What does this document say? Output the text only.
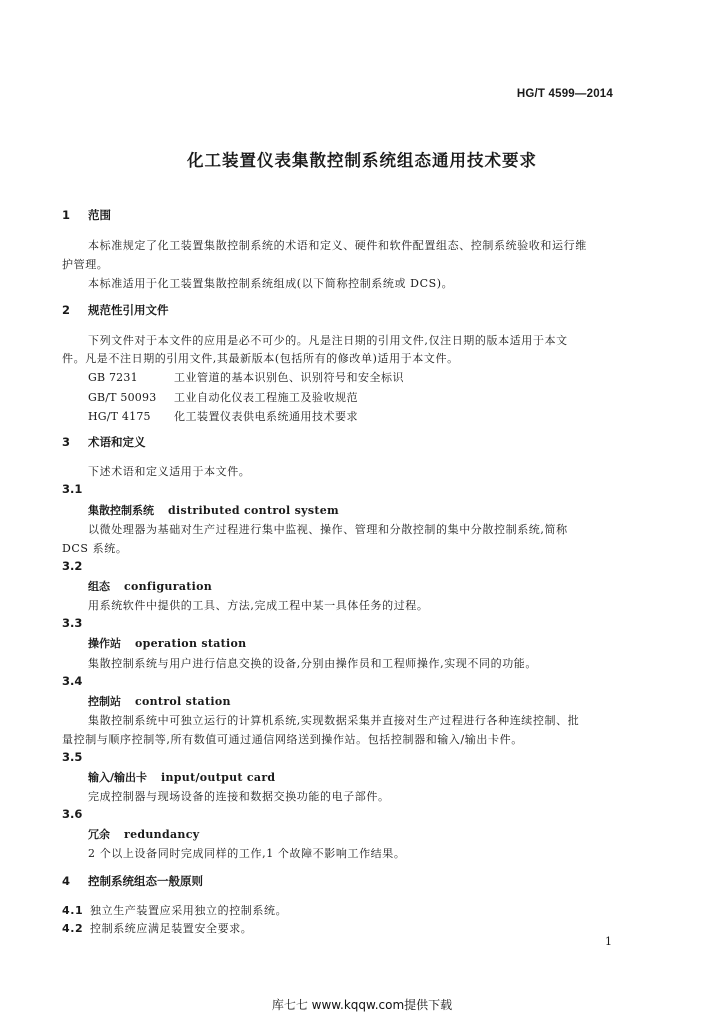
HG/T 4599—2014
化工装置仪表集散控制系统组态通用技术要求
1 范围
本标准规定了化工装置集散控制系统的术语和定义、硬件和软件配置组态、控制系统验收和运行维
护管理。
本标准适用于化工装置集散控制系统组成(以下简称控制系统或 DCS)。
2 规范性引用文件
下列文件对于本文件的应用是必不可少的。凡是注日期的引用文件,仅注日期的版本适用于本文
件。凡是不注日期的引用文件,其最新版本(包括所有的修改单)适用于本文件。
GB 7231	工业管道的基本识别色、识别符号和安全标识
GB/T 50093 工业自动化仪表工程施工及验收规范
HG/T 4175 化工装置仪表供电系统通用技术要求
3 术语和定义
下述术语和定义适用于本文件。
3.1
集散控制系统 distributed control system
以微处理器为基础对生产过程进行集中监视、操作、管理和分散控制的集中分散控制系统,简称
DCS 系统。
3.2
组态 configuration
用系统软件中提供的工具、方法,完成工程中某一具体任务的过程。
3.3
操作站 operation station
集散控制系统与用户进行信息交换的设备,分别由操作员和工程师操作,实现不同的功能。
3.4
控制站 control station
集散控制系统中可独立运行的计算机系统,实现数据采集并直接对生产过程进行各种连续控制、批
量控制与顺序控制等,所有数值可通过通信网络送到操作站。包括控制器和输入/输出卡件。
3.5
输入/输出卡 input/output card
完成控制器与现场设备的连接和数据交换功能的电子部件。
3.6
冗余 redundancy
2 个以上设备同时完成同样的工作,1 个故障不影响工作结果。
4 控制系统组态一般原则
4.1 独立生产装置应采用独立的控制系统。
4.2 控制系统应满足装置安全要求。
1
库七七 www.kqqw.com提供下载
